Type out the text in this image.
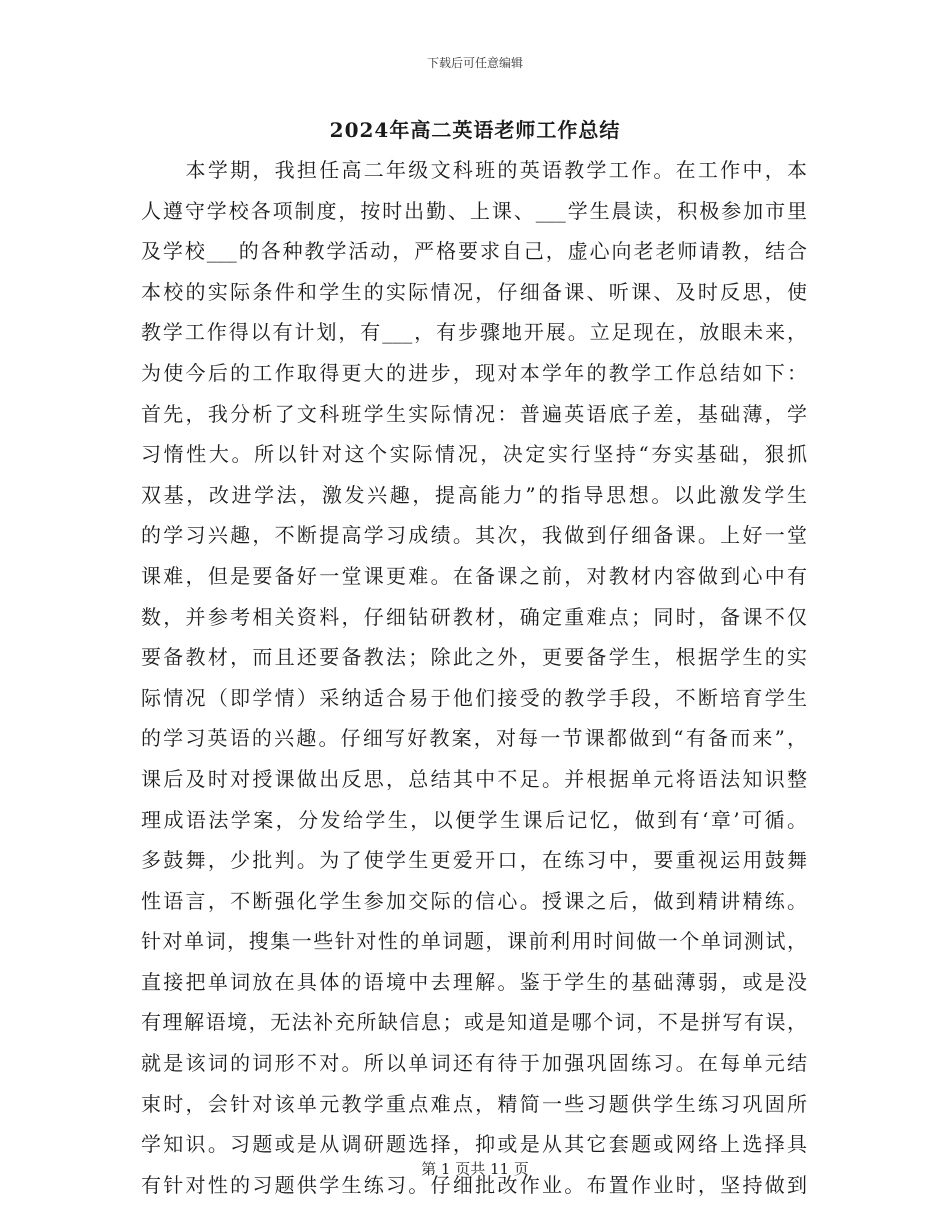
下载后可任意编辑
2024年高二英语老师工作总结
　　本学期，我担任高二年级文科班的英语教学工作。在工作中，本
人遵守学校各项制度，按时出勤、上课、___学生晨读，积极参加市里
及学校___的各种教学活动，严格要求自己，虚心向老老师请教，结合
本校的实际条件和学生的实际情况，仔细备课、听课、及时反思，使
教学工作得以有计划，有___，有步骤地开展。立足现在，放眼未来，
为使今后的工作取得更大的进步，现对本学年的教学工作总结如下：
首先，我分析了文科班学生实际情况：普遍英语底子差，基础薄，学
习惰性大。所以针对这个实际情况，决定实行坚持“夯实基础，狠抓
双基，改进学法，激发兴趣，提高能力”的指导思想。以此激发学生
的学习兴趣，不断提高学习成绩。其次，我做到仔细备课。上好一堂
课难，但是要备好一堂课更难。在备课之前，对教材内容做到心中有
数，并参考相关资料，仔细钻研教材，确定重难点；同时，备课不仅
要备教材，而且还要备教法；除此之外，更要备学生，根据学生的实
际情况（即学情）采纳适合易于他们接受的教学手段，不断培育学生
的学习英语的兴趣。仔细写好教案，对每一节课都做到“有备而来”，
课后及时对授课做出反思，总结其中不足。并根据单元将语法知识整
理成语法学案，分发给学生，以便学生课后记忆，做到有‘章’可循。
多鼓舞，少批判。为了使学生更爱开口，在练习中，要重视运用鼓舞
性语言，不断强化学生参加交际的信心。授课之后，做到精讲精练。
针对单词，搜集一些针对性的单词题，课前利用时间做一个单词测试，
直接把单词放在具体的语境中去理解。鉴于学生的基础薄弱，或是没
有理解语境，无法补充所缺信息；或是知道是哪个词，不是拼写有误，
就是该词的词形不对。所以单词还有待于加强巩固练习。在每单元结
束时，会针对该单元教学重点难点，精简一些习题供学生练习巩固所
学知识。习题或是从调研题选择，抑或是从其它套题或网络上选择具
有针对性的习题供学生练习。仔细批改作业。布置作业时，坚持做到
第 1 页共 11 页
